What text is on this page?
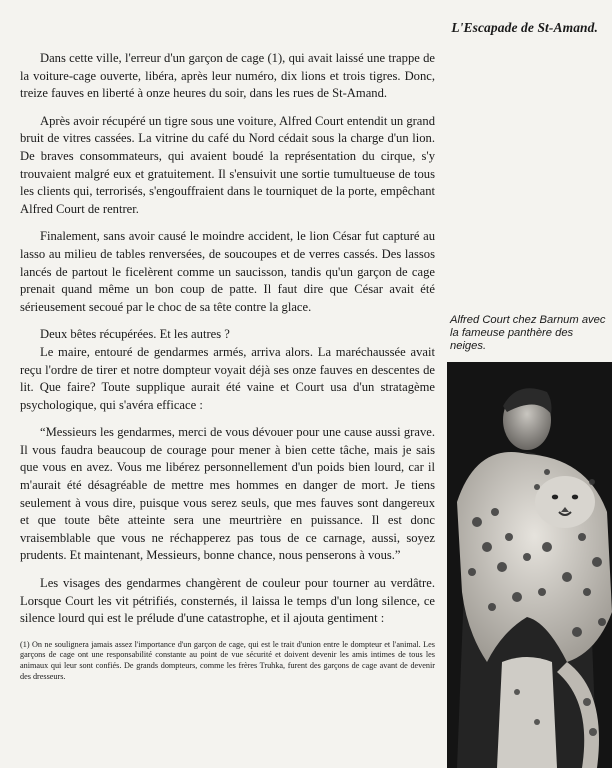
L'Escapade de St-Amand.

Dans cette ville, l'erreur d'un garçon de cage (1), qui avait laissé une trappe de la voiture-cage ouverte, libéra, après leur numéro, dix lions et trois tigres. Donc, treize fauves en liberté à onze heures du soir, dans les rues de St-Amand.

Après avoir récupéré un tigre sous une voiture, Alfred Court entendit un grand bruit de vitres cassées. La vitrine du café du Nord cédait sous la charge d'un lion. De braves consommateurs, qui avaient boudé la représentation du cirque, s'y trouvaient malgré eux et gratuitement. Il s'ensuivit une sortie tumultueuse de tous les clients qui, terrorisés, s'engouffraient dans le tourniquet de la porte, empêchant Alfred Court de rentrer.

Finalement, sans avoir causé le moindre accident, le lion César fut capturé au lasso au milieu de tables renversées, de soucoupes et de verres cassés. Des lassos lancés de partout le ficelèrent comme un saucisson, tandis qu'un garçon de cage prenait quand même un bon coup de patte. Il faut dire que César avait été sérieusement secoué par le choc de sa tête contre la glace.

Deux bêtes récupérées. Et les autres ?

Le maire, entouré de gendarmes armés, arriva alors. La maréchaussée avait reçu l'ordre de tirer et notre dompteur voyait déjà ses onze fauves en descentes de lit. Que faire? Toute supplique aurait été vaine et Court usa d'un stratagème psychologique, qui s'avéra efficace :

“Messieurs les gendarmes, merci de vous dévouer pour une cause aussi grave. Il vous faudra beaucoup de courage pour mener à bien cette tâche, mais je sais que vous en avez. Vous me libérez personnellement d'un poids bien lourd, car il m'aurait été désagréable de mettre mes hommes en danger de mort. Je tiens seulement à vous dire, puisque vous serez seuls, que mes fauves sont dangereux et que toute bête atteinte sera une meurtrière en puissance. Il est donc vraisemblable que vous ne réchapperez pas tous de ce carnage, aussi, soyez prudents. Et maintenant, Messieurs, bonne chance, nous penserons à vous.”

Les visages des gendarmes changèrent de couleur pour tourner au verdâtre. Lorsque Court les vit pétrifiés, consternés, il laissa le temps d'un long silence, ce silence lourd qui est le prélude d'une catastrophe, et il ajouta gentiment :

(1) On ne soulignera jamais assez l'importance d'un garçon de cage, qui est le trait d'union entre le dompteur et l'animal. Les garçons de cage ont une responsabilité constante au point de vue sécurité et doivent devenir les amis intimes de tous les animaux qui leur sont confiés. De grands dompteurs, comme les frères Truhka, furent des garçons de cage avant de devenir des dresseurs.
Alfred Court chez Barnum avec la fameuse panthère des neiges.
